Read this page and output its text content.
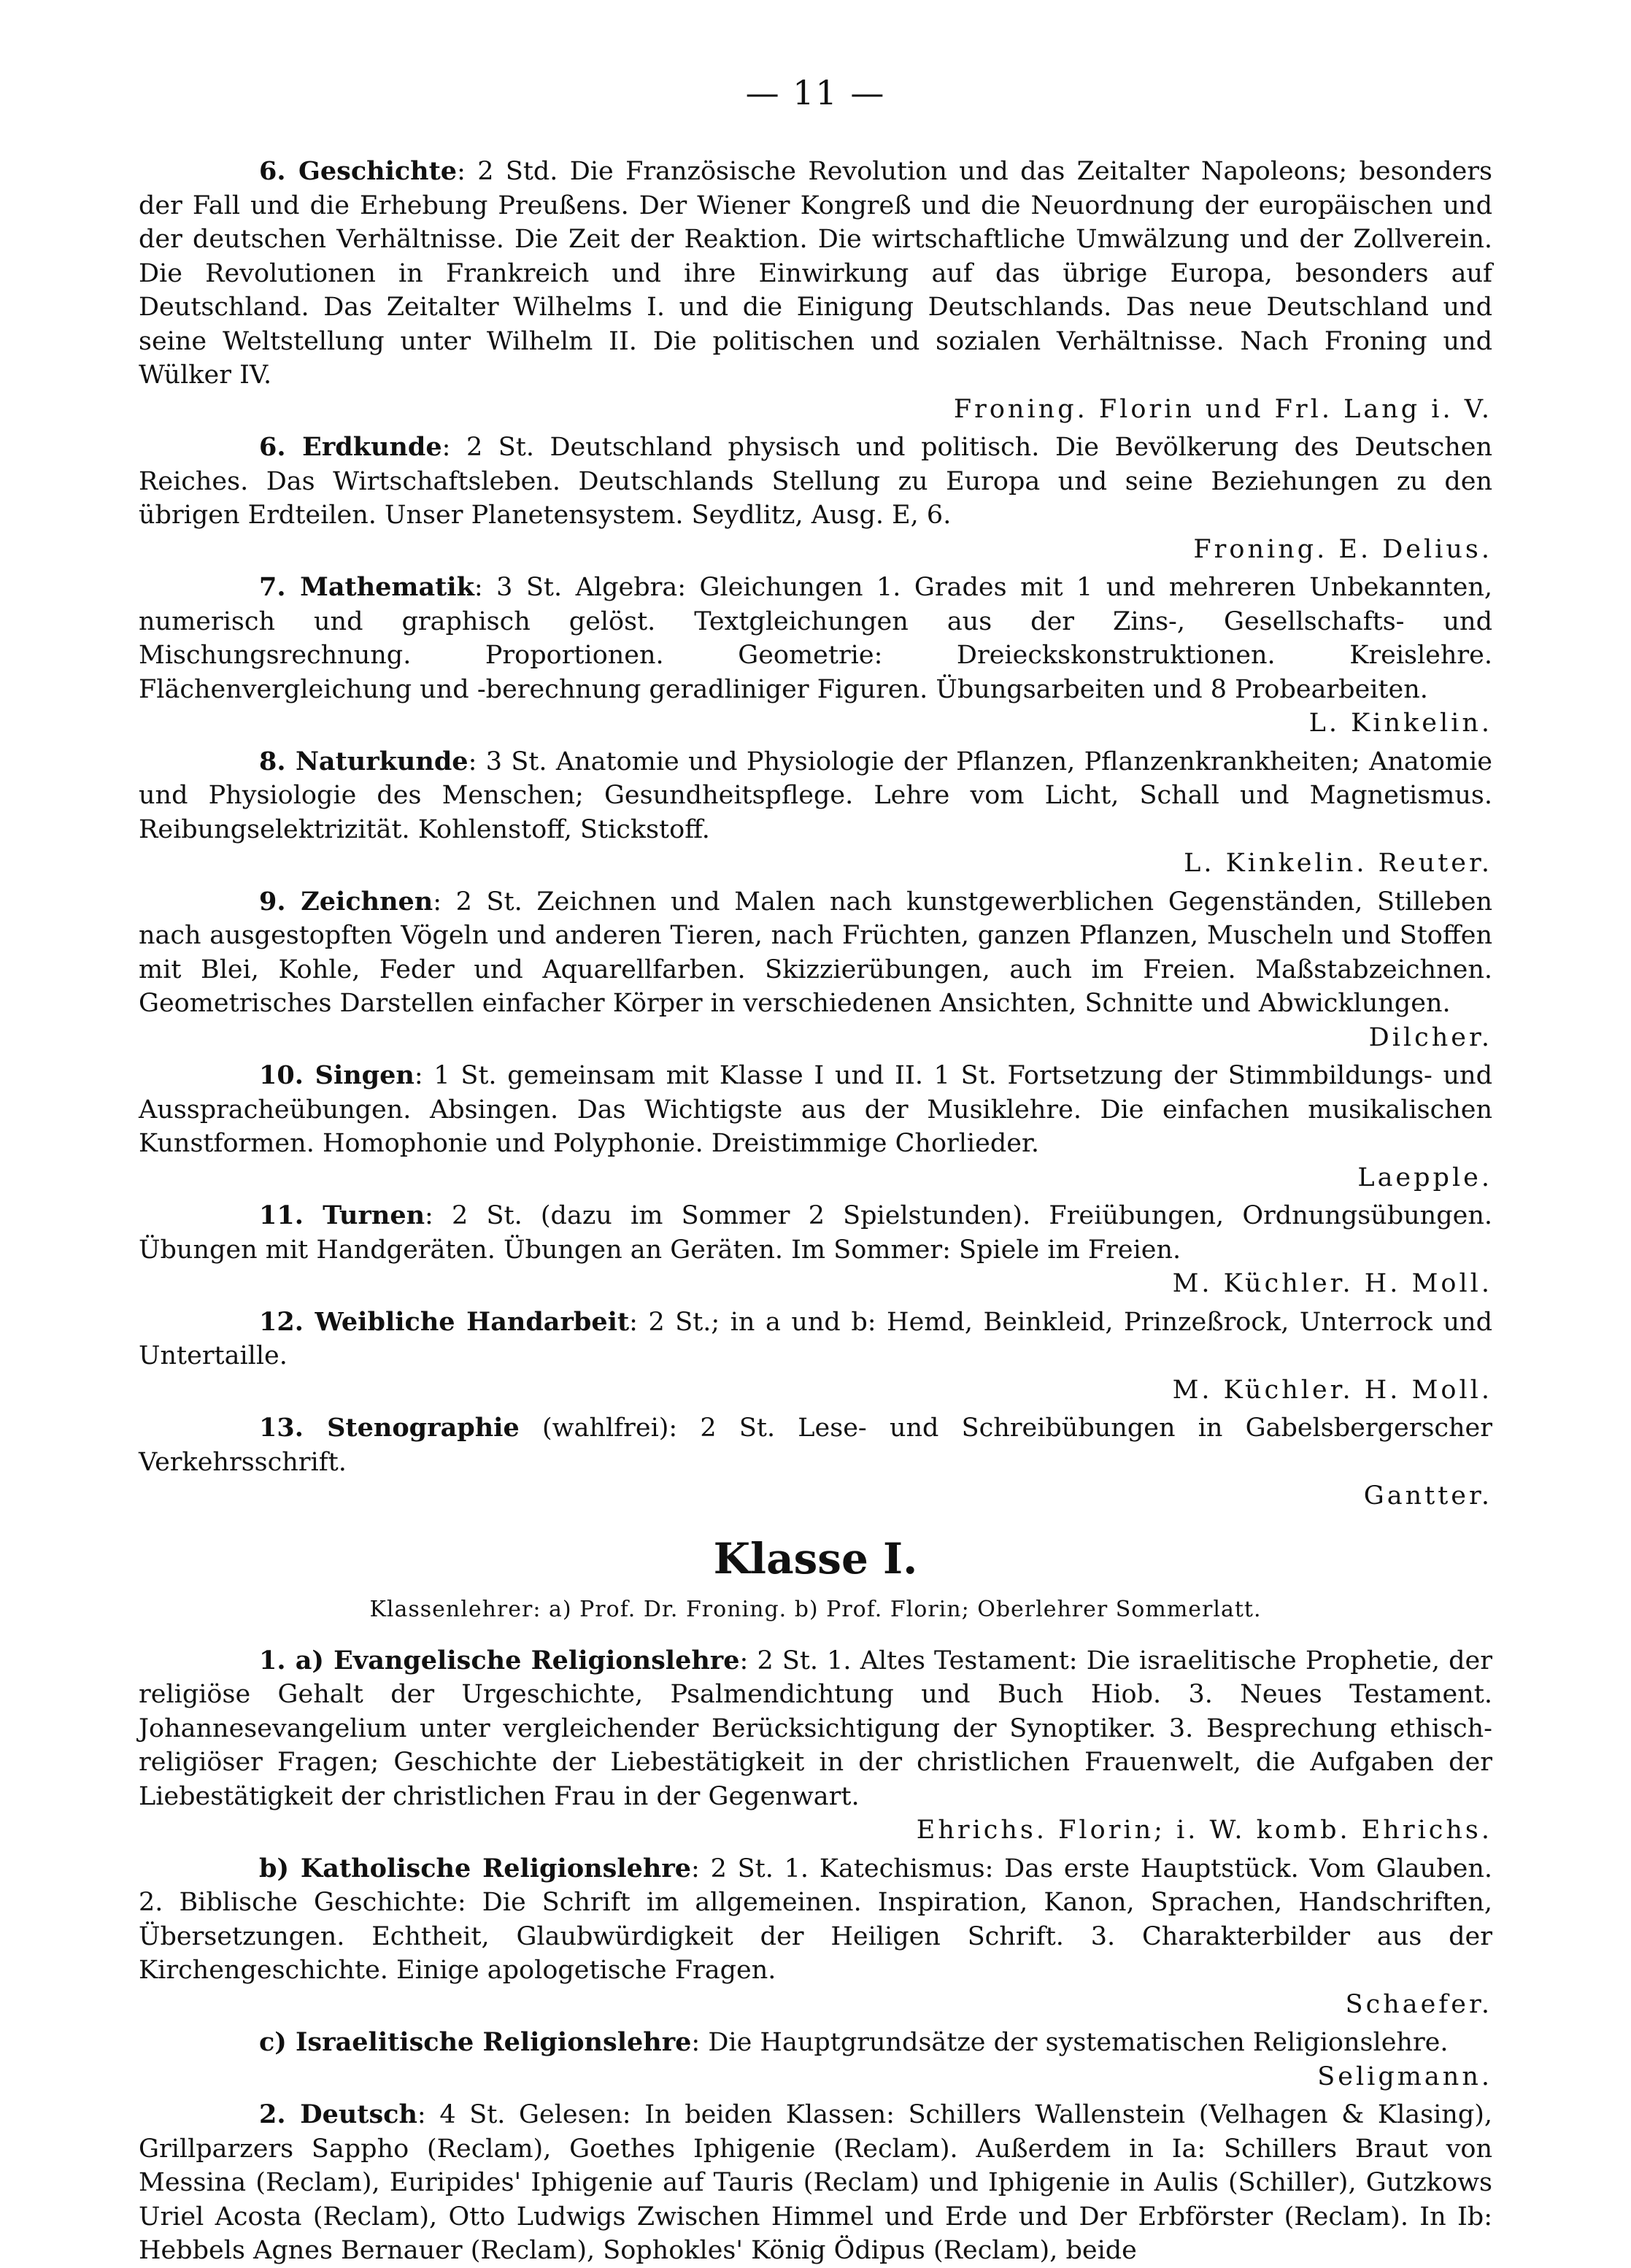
— 11 —

6. Geschichte: 2 Std. Die Französische Revolution und das Zeitalter Napoleons; besonders der Fall und die Erhebung Preußens. Der Wiener Kongreß und die Neuordnung der europäischen und der deutschen Verhältnisse. Die Zeit der Reaktion. Die wirtschaftliche Umwälzung und der Zollverein. Die Revolutionen in Frankreich und ihre Einwirkung auf das übrige Europa, besonders auf Deutschland. Das Zeitalter Wilhelms I. und die Einigung Deutschlands. Das neue Deutschland und seine Weltstellung unter Wilhelm II. Die politischen und sozialen Verhältnisse. Nach Froning und Wülker IV.

Froning. Florin und Frl. Lang i. V.

6. Erdkunde: 2 St. Deutschland physisch und politisch. Die Bevölkerung des Deutschen Reiches. Das Wirtschaftsleben. Deutschlands Stellung zu Europa und seine Beziehungen zu den übrigen Erdteilen. Unser Planetensystem. Seydlitz, Ausg. E, 6.

Froning. E. Delius.

7. Mathematik: 3 St. Algebra: Gleichungen 1. Grades mit 1 und mehreren Unbekannten, numerisch und graphisch gelöst. Textgleichungen aus der Zins-, Gesellschafts- und Mischungsrechnung. Proportionen. Geometrie: Dreieckskonstruktionen. Kreislehre. Flächenvergleichung und -berechnung geradliniger Figuren. Übungsarbeiten und 8 Probearbeiten.

L. Kinkelin.

8. Naturkunde: 3 St. Anatomie und Physiologie der Pflanzen, Pflanzenkrankheiten; Anatomie und Physiologie des Menschen; Gesundheitspflege. Lehre vom Licht, Schall und Magnetismus. Reibungselektrizität. Kohlenstoff, Stickstoff.

L. Kinkelin. Reuter.

9. Zeichnen: 2 St. Zeichnen und Malen nach kunstgewerblichen Gegenständen, Stilleben nach ausgestopften Vögeln und anderen Tieren, nach Früchten, ganzen Pflanzen, Muscheln und Stoffen mit Blei, Kohle, Feder und Aquarellfarben. Skizzierübungen, auch im Freien. Maßstabzeichnen. Geometrisches Darstellen einfacher Körper in verschiedenen Ansichten, Schnitte und Abwicklungen.

Dilcher.

10. Singen: 1 St. gemeinsam mit Klasse I und II. 1 St. Fortsetzung der Stimmbildungs- und Aussprachеübungen. Absingen. Das Wichtigste aus der Musiklehre. Die einfachen musikalischen Kunstformen. Homophonie und Polyphonie. Dreistimmige Chorlieder.

Laepple.

11. Turnen: 2 St. (dazu im Sommer 2 Spielstunden). Freiübungen, Ordnungsübungen. Übungen mit Handgeräten. Übungen an Geräten. Im Sommer: Spiele im Freien.

M. Küchler. H. Moll.

12. Weibliche Handarbeit: 2 St.; in a und b: Hemd, Beinkleid, Prinzeßrock, Unterrock und Untertaille.

M. Küchler. H. Moll.

13. Stenographie (wahlfrei): 2 St. Lese- und Schreibübungen in Gabelsbergerscher Verkehrsschrift.

Gantter.
Klasse I.
Klassenlehrer: a) Prof. Dr. Froning. b) Prof. Florin; Oberlehrer Sommerlatt.

1. a) Evangelische Religionslehre: 2 St. 1. Altes Testament: Die israelitische Prophetie, der religiöse Gehalt der Urgeschichte, Psalmendichtung und Buch Hiob. 3. Neues Testament. Johannesevangelium unter vergleichender Berücksichtigung der Synoptiker. 3. Besprechung ethisch-religiöser Fragen; Geschichte der Liebestätigkeit in der christlichen Frauenwelt, die Aufgaben der Liebestätigkeit der christlichen Frau in der Gegenwart.

Ehrichs. Florin; i. W. komb. Ehrichs.

b) Katholische Religionslehre: 2 St. 1. Katechismus: Das erste Hauptstück. Vom Glauben. 2. Biblische Geschichte: Die Schrift im allgemeinen. Inspiration, Kanon, Sprachen, Handschriften, Übersetzungen. Echtheit, Glaubwürdigkeit der Heiligen Schrift. 3. Charakterbilder aus der Kirchengeschichte. Einige apologetische Fragen.

Schaefer.

c) Israelitische Religionslehre: Die Hauptgrundsätze der systematischen Religionslehre.

Seligmann.

2. Deutsch: 4 St. Gelesen: In beiden Klassen: Schillers Wallenstein (Velhagen & Klasing), Grillparzers Sappho (Reclam), Goethes Iphigenie (Reclam). Außerdem in Ia: Schillers Braut von Messina (Reclam), Euripides' Iphigenie auf Tauris (Reclam) und Iphigenie in Aulis (Schiller), Gutzkows Uriel Acosta (Reclam), Otto Ludwigs Zwischen Himmel und Erde und Der Erbförster (Reclam). In Ib: Hebbels Agnes Bernauer (Reclam), Sophokles' König Ödipus (Reclam), beide
